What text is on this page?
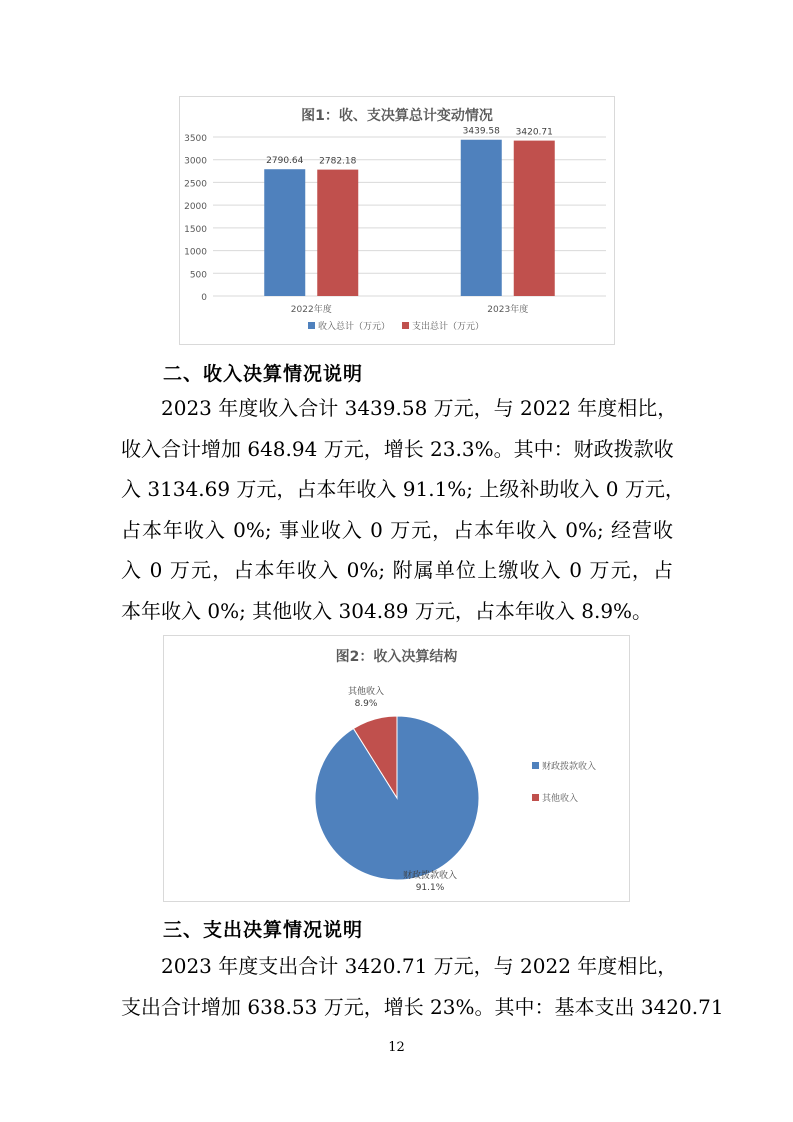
图1：收、支决算总计变动情况
0
500
1000
1500
2000
2500
3000
3500
2790.64 2782.18
2022年度
3439.58 3420.71
2023年度
收入总计（万元） 支出总计（万元）
二、收入决算情况说明
2023 年度收入合计 3439.58 万元，与 2022 年度相比，
收入合计增加 648.94 万元，增长 23.3%。其中：财政拨款收
入 3134.69 万元，占本年收入 91.1%; 上级补助收入 0 万元，
占本年收入 0%; 事业收入 0 万元，占本年收入 0%; 经营收
入 0 万元，占本年收入 0%; 附属单位上缴收入 0 万元，占
本年收入 0%; 其他收入 304.89 万元，占本年收入 8.9%。
图2：收入决算结构
财政拨款收入
91.1%
其他收入
8.9%
财政拨款收入
其他收入
三、支出决算情况说明
2023 年度支出合计 3420.71 万元，与 2022 年度相比，
支出合计增加 638.53 万元，增长 23%。其中：基本支出 3420.71
12
